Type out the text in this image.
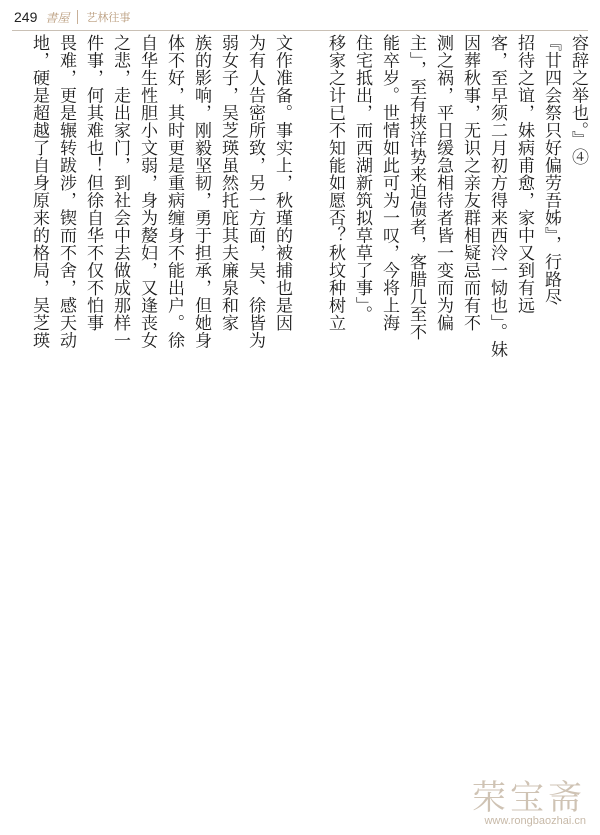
249 書屋 艺林往事
文作准备。事实上，秋瑾的被捕也是因
为有人告密所致，另一方面，吴、徐皆为
弱女子，吴芝瑛虽然托庇其夫廉泉和家
族的影响，刚毅坚韧，勇于担承，但她身
体不好，其时更是重病缠身不能出户。徐
自华生性胆小文弱，身为嫠妇，又逢丧女
之悲，走出家门，到社会中去做成那样一
件事，何其难也！但徐自华不仅不怕事
畏难，更是辗转跋涉，锲而不舍，感天动
地，硬是超越了自身原来的格局，吴芝瑛	容辞之举也。』④
『廿四会祭只好偏劳吾姊』，行路尽
招待之谊，妹病甫愈，家中又到有远
客，至早须二月初方得来西泠一恸也」。妹
因葬秋事，无识之亲友群相疑忌而有不
测之祸，平日缓急相待者皆一变而为偏
主」，至有挟洋势来迫债者，客腊几至不
能卒岁。世情如此可为一叹，今将上海
住宅抵出，而西湖新筑拟草草了事」。
移家之计已不知能如愿否？秋坟种树立
荣宝斋
www.rongbaozhai.cn
